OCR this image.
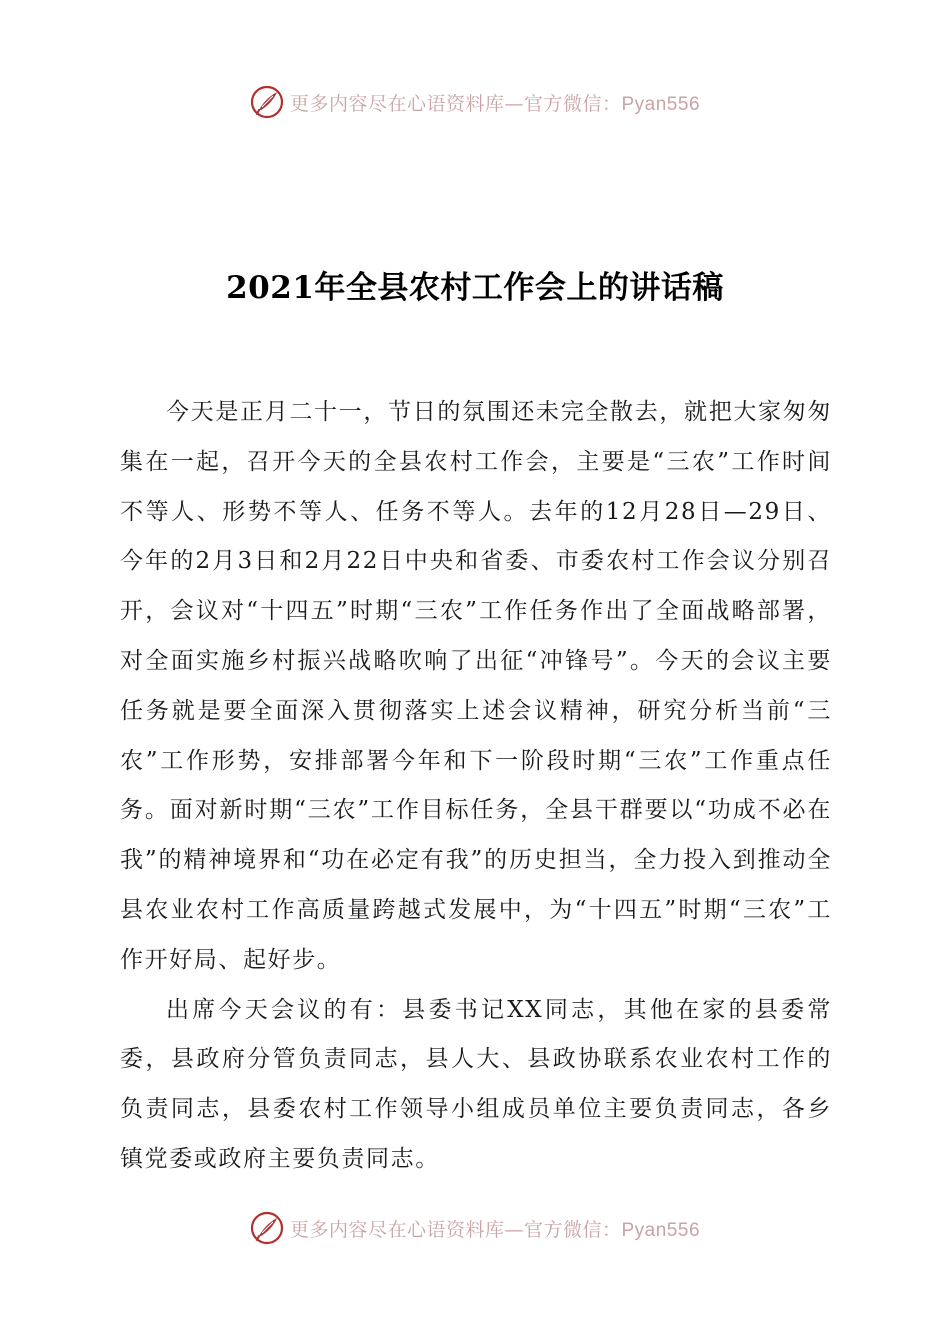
更多内容尽在心语资料库—官方微信：Pyan556
2021年全县农村工作会上的讲话稿

今天是正月二十一，节日的氛围还未完全散去，就把大家匆匆集在一起，召开今天的全县农村工作会，主要是“三农”工作时间不等人、形势不等人、任务不等人。去年的12月28日—29日、今年的2月3日和2月22日中央和省委、市委农村工作会议分别召开，会议对“十四五”时期“三农”工作任务作出了全面战略部署，对全面实施乡村振兴战略吹响了出征“冲锋号”。今天的会议主要任务就是要全面深入贯彻落实上述会议精神，研究分析当前“三农”工作形势，安排部署今年和下一阶段时期“三农”工作重点任务。面对新时期“三农”工作目标任务，全县干群要以“功成不必在我”的精神境界和“功在必定有我”的历史担当，全力投入到推动全县农业农村工作高质量跨越式发展中，为“十四五”时期“三农”工作开好局、起好步。

出席今天会议的有：县委书记XX同志，其他在家的县委常委，县政府分管负责同志，县人大、县政协联系农业农村工作的负责同志，县委农村工作领导小组成员单位主要负责同志，各乡镇党委或政府主要负责同志。

更多内容尽在心语资料库—官方微信：Pyan556
